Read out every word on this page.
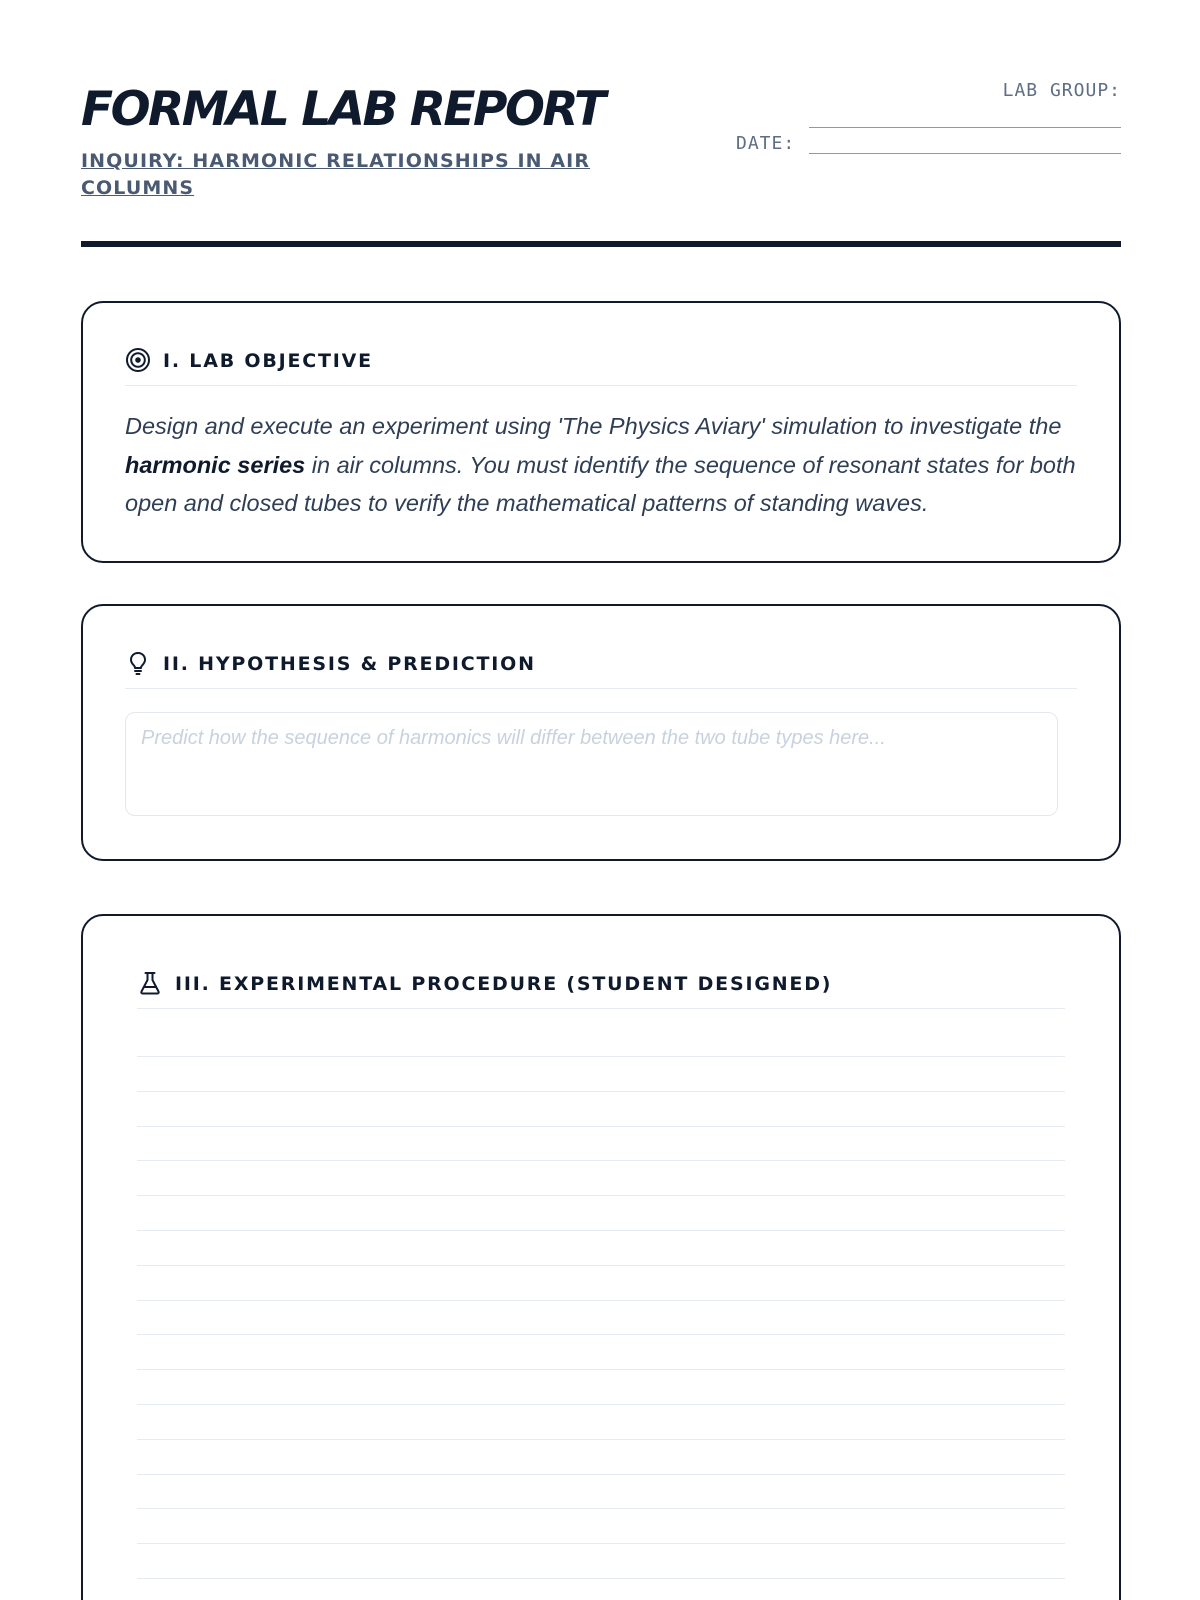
FORMAL LAB REPORT

INQUIRY: HARMONIC RELATIONSHIPS IN AIR COLUMNS

LAB GROUP:
DATE:
I. LAB OBJECTIVE

Design and execute an experiment using 'The Physics Aviary' simulation to investigate the harmonic series in air columns. You must identify the sequence of resonant states for both open and closed tubes to verify the mathematical patterns of standing waves.

II. HYPOTHESIS & PREDICTION
Predict how the sequence of harmonics will differ between the two tube types here...
III. EXPERIMENTAL PROCEDURE (STUDENT DESIGNED)
